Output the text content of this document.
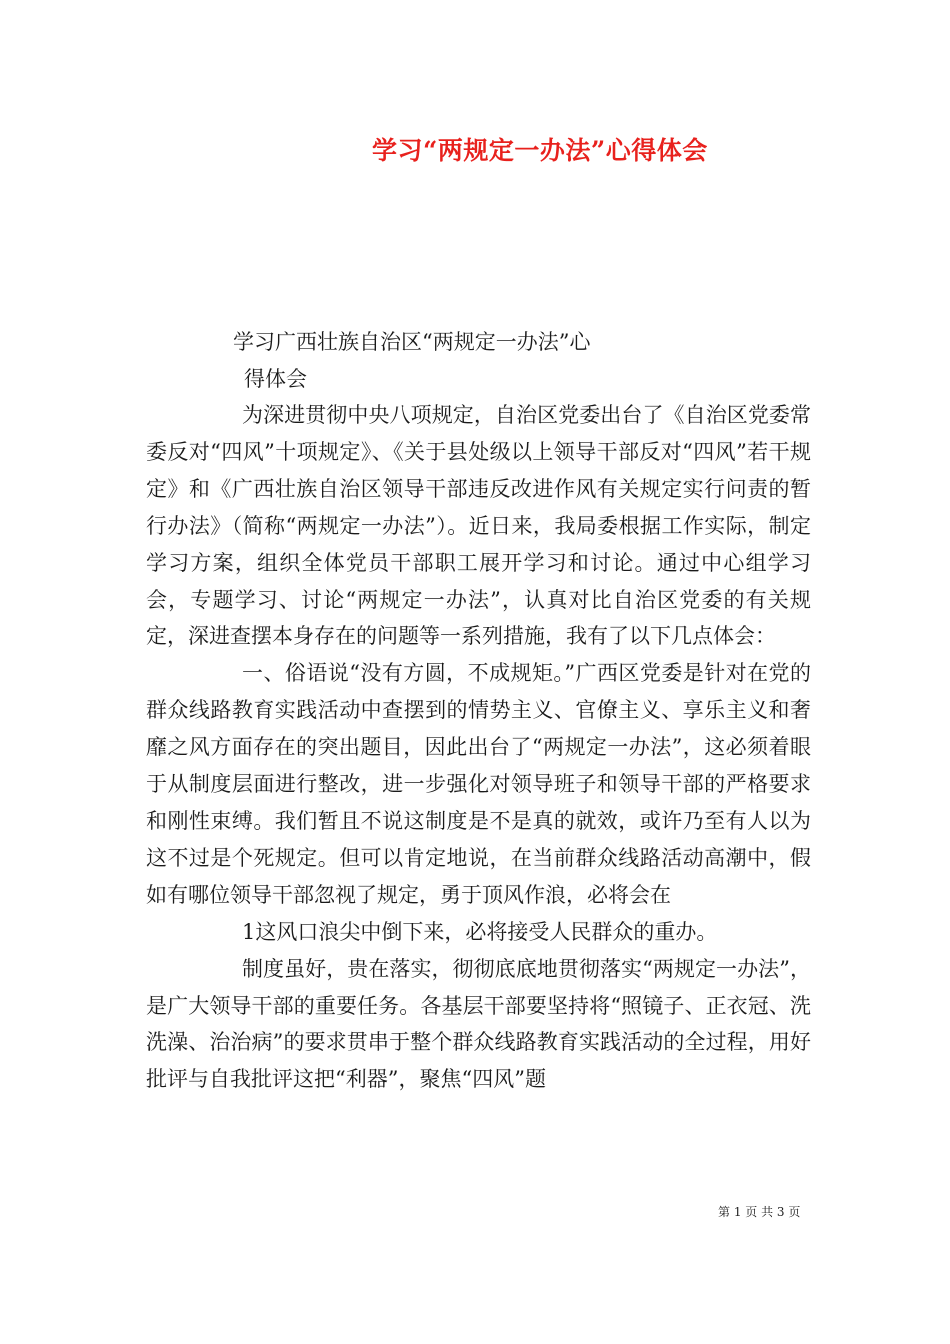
学习“两规定一办法”心得体会
学习广西壮族自治区“两规定一办法”心
得体会

为深进贯彻中央八项规定，自治区党委出台了《自治区党委常委反对“四风”十项规定》、《关于县处级以上领导干部反对“四风”若干规定》和《广西壮族自治区领导干部违反改进作风有关规定实行问责的暂行办法》（简称“两规定一办法”）。近日来，我局委根据工作实际，制定学习方案，组织全体党员干部职工展开学习和讨论。通过中心组学习会，专题学习、讨论“两规定一办法”，认真对比自治区党委的有关规定，深进查摆本身存在的问题等一系列措施，我有了以下几点体会：

一、俗语说“没有方圆，不成规矩。”广西区党委是针对在党的群众线路教育实践活动中查摆到的情势主义、官僚主义、享乐主义和奢靡之风方面存在的突出题目，因此出台了“两规定一办法”，这必须着眼于从制度层面进行整改，进一步强化对领导班子和领导干部的严格要求和刚性束缚。我们暂且不说这制度是不是真的就效，或许乃至有人以为这不过是个死规定。但可以肯定地说，在当前群众线路活动高潮中，假如有哪位领导干部忽视了规定，勇于顶风作浪，必将会在

1这风口浪尖中倒下来，必将接受人民群众的重办。

制度虽好，贵在落实，彻彻底底地贯彻落实“两规定一办法”，是广大领导干部的重要任务。各基层干部要坚持将“照镜子、正衣冠、洗洗澡、治治病”的要求贯串于整个群众线路教育实践活动的全过程，用好批评与自我批评这把“利器”，聚焦“四风”题

第 1 页 共 3 页
